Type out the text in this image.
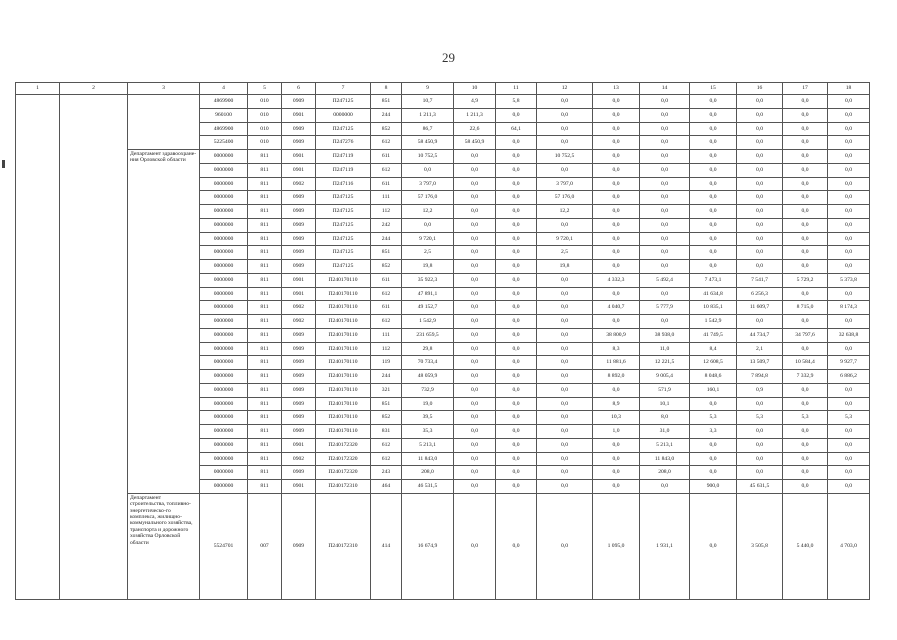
29
1	2	3	4	5	6	7	8	9	10	11	12	13	14	15	16	17	18
			4869900	010	0909	П247125	851	10,7	4,9	5,8	0,0	0,0	0,0	0,0	0,0	0,0	0,0
			960100	010	0901	0000000	244	1 211,3	1 211,3	0,0	0,0	0,0	0,0	0,0	0,0	0,0	0,0
			4869900	010	0909	П247125	852	86,7	22,6	64,1	0,0	0,0	0,0	0,0	0,0	0,0	0,0
			5225400	010	0909	П247276	612	58 450,9	58 450,9	0,0	0,0	0,0	0,0	0,0	0,0	0,0	0,0
		Департамент здравоохране-ния Орловской области	0000000	811	0901	П247119	611	10 752,5	0,0	0,0	10 752,5	0,0	0,0	0,0	0,0	0,0	0,0
			0000000	811	0901	П247119	612	0,0	0,0	0,0	0,0	0,0	0,0	0,0	0,0	0,0	0,0
			0000000	811	0902	П247116	611	3 797,0	0,0	0,0	3 797,0	0,0	0,0	0,0	0,0	0,0	0,0
			0000000	811	0909	П247125	111	57 176,0	0,0	0,0	57 176,0	0,0	0,0	0,0	0,0	0,0	0,0
			0000000	811	0909	П247125	112	12,2	0,0	0,0	12,2	0,0	0,0	0,0	0,0	0,0	0,0
			0000000	811	0909	П247125	242	0,0	0,0	0,0	0,0	0,0	0,0	0,0	0,0	0,0	0,0
			0000000	811	0909	П247125	244	9 720,1	0,0	0,0	9 720,1	0,0	0,0	0,0	0,0	0,0	0,0
			0000000	811	0909	П247125	851	2,5	0,0	0,0	2,5	0,0	0,0	0,0	0,0	0,0	0,0
			0000000	811	0909	П247125	852	19,8	0,0	0,0	19,8	0,0	0,0	0,0	0,0	0,0	0,0
			0000000	811	0901	П240170110	611	35 922,3	0,0	0,0	0,0	4 332,3	5 492,4	7 473,1	7 541,7	5 729,2	5 373,8
			0000000	811	0901	П240170110	612	47 891,1	0,0	0,0	0,0	0,0	0,0	41 634,8	6 256,3	0,0	0,0
			0000000	811	0902	П240170110	611	49 152,7	0,0	0,0	0,0	4 040,7	5 777,9	10 835,1	11 609,7	8 715,0	8 174,3
			0000000	811	0902	П240170110	612	1 542,9	0,0	0,0	0,0	0,0	0,0	1 542,9	0,0	0,0	0,0
			0000000	811	0909	П240170110	111	231 659,5	0,0	0,0	0,0	38 800,9	38 938,0	41 749,5	44 734,7	34 797,6	32 638,8
			0000000	811	0909	П240170110	112	29,8	0,0	0,0	0,0	8,3	11,0	8,4	2,1	0,0	0,0
			0000000	811	0909	П240170110	119	70 733,4	0,0	0,0	0,0	11 881,6	12 221,5	12 608,5	13 509,7	10 584,4	9 927,7
			0000000	811	0909	П240170110	244	48 059,9	0,0	0,0	0,0	8 892,0	9 005,4	8 048,6	7 894,8	7 332,9	6 886,2
			0000000	811	0909	П240170110	321	732,9	0,0	0,0	0,0	0,0	571,9	160,1	0,9	0,0	0,0
			0000000	811	0909	П240170110	851	19,0	0,0	0,0	0,0	8,9	10,1	0,0	0,0	0,0	0,0
			0000000	811	0909	П240170110	852	39,5	0,0	0,0	0,0	10,3	8,0	5,3	5,3	5,3	5,3
			0000000	811	0909	П240170110	831	35,3	0,0	0,0	0,0	1,0	31,0	3,3	0,0	0,0	0,0
			0000000	811	0901	П240172320	612	5 213,1	0,0	0,0	0,0	0,0	5 213,1	0,0	0,0	0,0	0,0
			0000000	811	0902	П240172320	612	11 843,0	0,0	0,0	0,0	0,0	11 843,0	0,0	0,0	0,0	0,0
			0000000	811	0909	П240172320	243	208,0	0,0	0,0	0,0	0,0	208,0	0,0	0,0	0,0	0,0
			0000000	811	0901	П240172310	464	46 531,5	0,0	0,0	0,0	0,0	0,0	900,0	45 631,5	0,0	0,0
		Департамент строительства, топливно-энергетическо-го комплекса, жилищно-коммунального хозяйства, транспорта и дорожного хозяйства Орловской области	5524701	007	0909	П240172310	414	16 674,9	0,0	0,0	0,0	1 095,0	1 931,1	0,0	3 505,8	5 440,0	4 703,0
